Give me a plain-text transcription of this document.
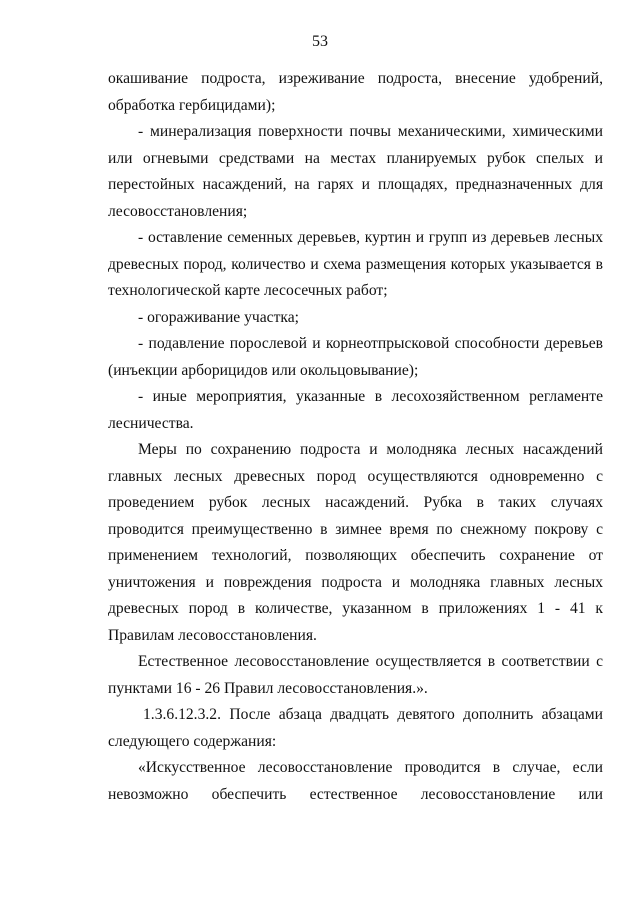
53

окашивание подроста, изреживание подроста, внесение удобрений, обработка гербицидами);

- минерализация поверхности почвы механическими, химическими или огневыми средствами на местах планируемых рубок спелых и перестойных насаждений, на гарях и площадях, предназначенных для лесовосстановления;

- оставление семенных деревьев, куртин и групп из деревьев лесных древесных пород, количество и схема размещения которых указывается в технологической карте лесосечных работ;

- огораживание участка;

- подавление порослевой и корнеотпрысковой способности деревьев (инъекции арборицидов или окольцовывание);

- иные мероприятия, указанные в лесохозяйственном регламенте лесничества.

Меры по сохранению подроста и молодняка лесных насаждений главных лесных древесных пород осуществляются одновременно с проведением рубок лесных насаждений. Рубка в таких случаях проводится преимущественно в зимнее время по снежному покрову с применением технологий, позволяющих обеспечить сохранение от уничтожения и повреждения подроста и молодняка главных лесных древесных пород в количестве, указанном в приложениях 1 - 41 к Правилам лесовосстановления.

Естественное лесовосстановление осуществляется в соответствии с пунктами 16 - 26 Правил лесовосстановления.».

1.3.6.12.3.2. После абзаца двадцать девятого дополнить абзацами следующего содержания:

«Искусственное лесовосстановление проводится в случае, если невозможно обеспечить естественное лесовосстановление или
